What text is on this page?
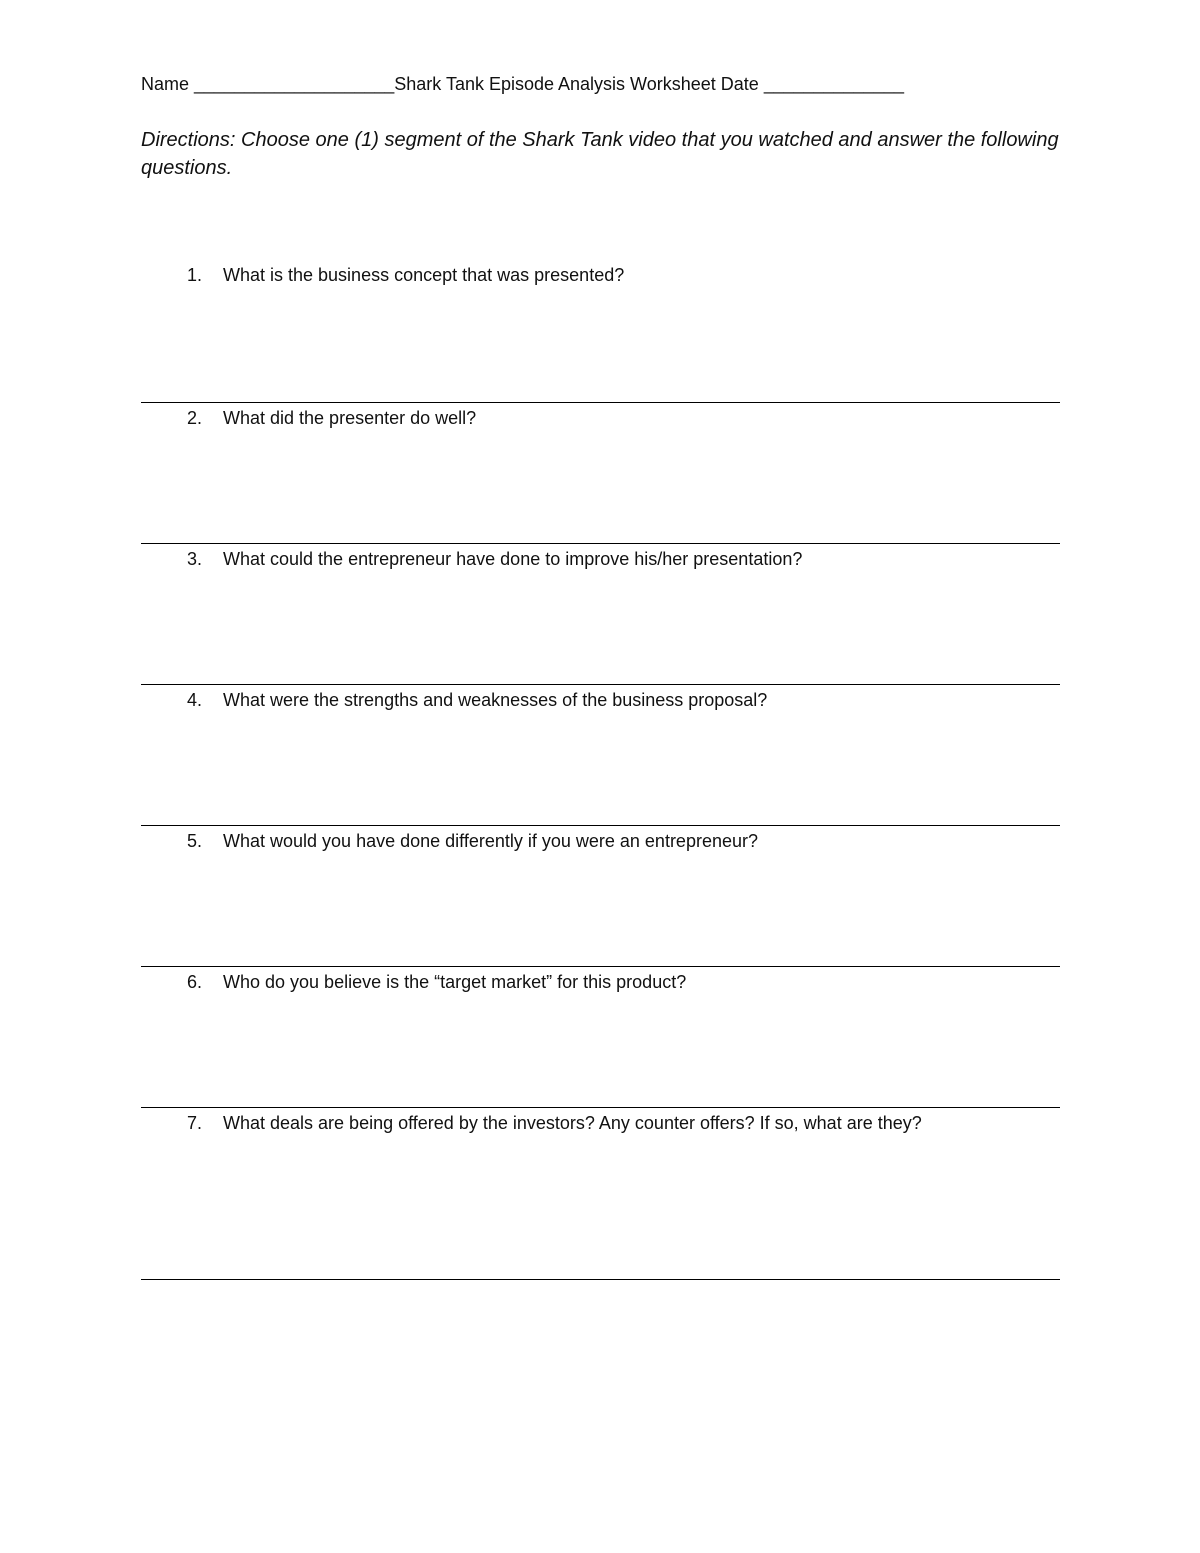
Name ____________________Shark Tank Episode Analysis Worksheet Date ______________
Directions: Choose one (1) segment of the Shark Tank video that you watched and answer the following questions.
1. What is the business concept that was presented?
2. What did the presenter do well?
3. What could the entrepreneur have done to improve his/her presentation?
4. What were the strengths and weaknesses of the business proposal?
5. What would you have done differently if you were an entrepreneur?
6. Who do you believe is the “target market” for this product?
7. What deals are being offered by the investors? Any counter offers? If so, what are they?
